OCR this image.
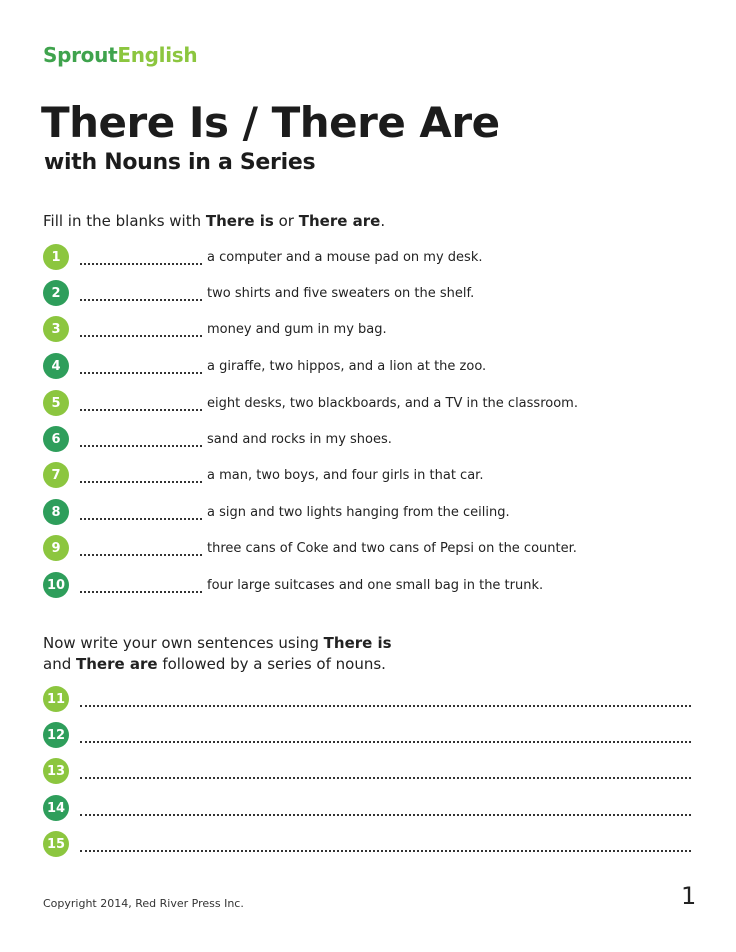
SproutEnglish
There Is / There Are
with Nouns in a Series
Fill in the blanks with There is or There are.
1	a computer and a mouse pad on my desk.
2	two shirts and five sweaters on the shelf.
3	money and gum in my bag.
4	a giraffe, two hippos, and a lion at the zoo.
5	eight desks, two blackboards, and a TV in the classroom.
6	sand and rocks in my shoes.
7	a man, two boys, and four girls in that car.
8	a sign and two lights hanging from the ceiling.
9	three cans of Coke and two cans of Pepsi on the counter.
10	four large suitcases and one small bag in the trunk.
Now write your own sentences using There is
and There are followed by a series of nouns.
11
12
13
14
15
Copyright 2014, Red River Press Inc.	1
